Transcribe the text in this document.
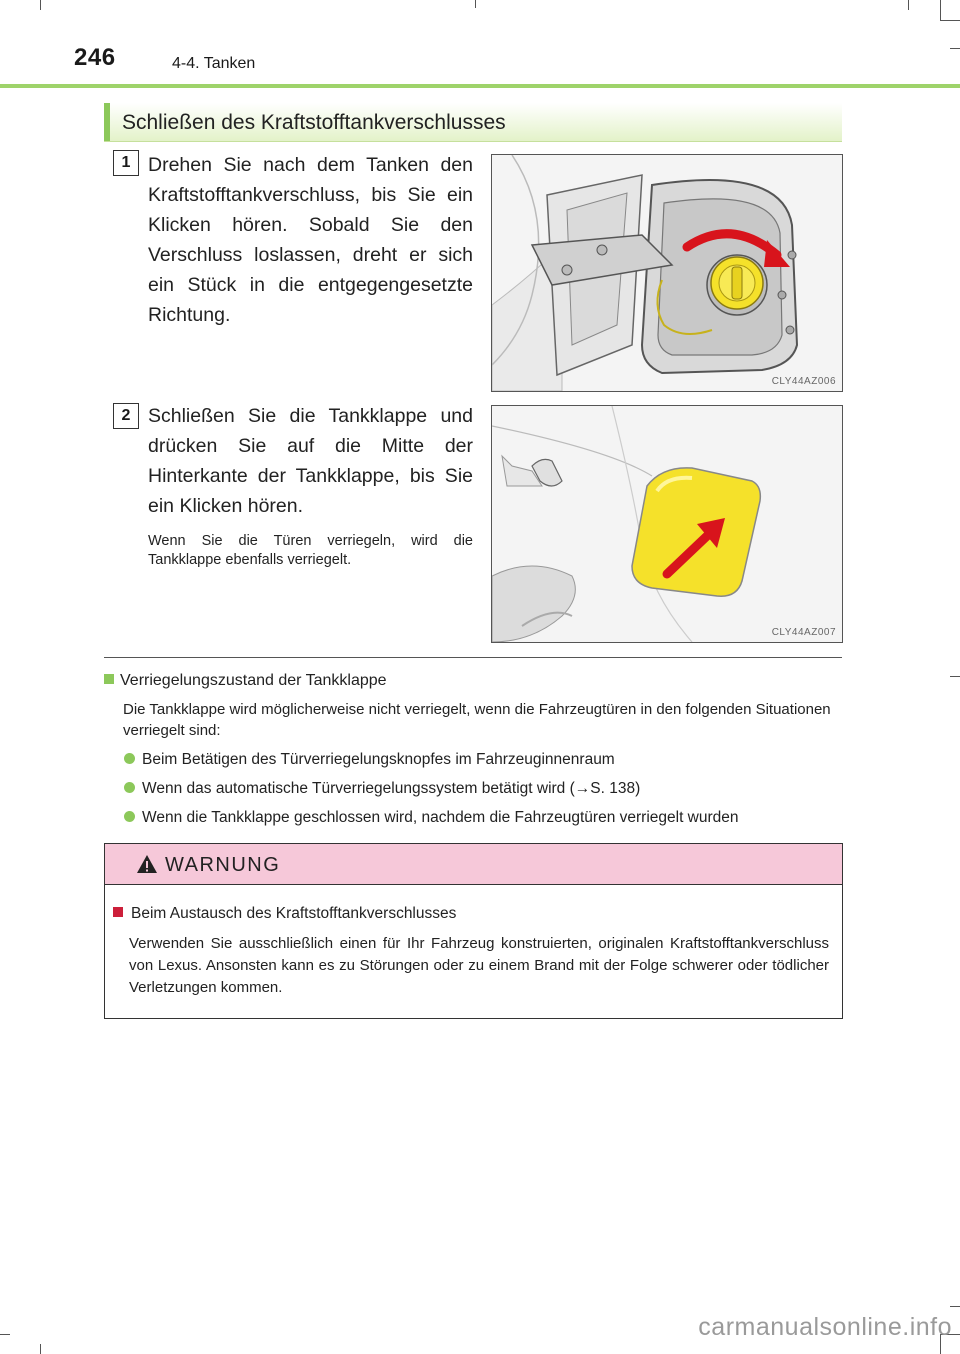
246	4-4. Tanken
Schließen des Kraftstofftankverschlusses
1 Drehen Sie nach dem Tanken den Kraftstofftankverschluss, bis Sie ein Klicken hören. Sobald Sie den Verschluss loslassen, dreht er sich ein Stück in die entgegengesetzte Richtung.
CLY44AZ006
2 Schließen Sie die Tankklappe und drücken Sie auf die Mitte der Hinterkante der Tankklappe, bis Sie ein Klicken hören.
Wenn Sie die Türen verriegeln, wird die Tankklappe ebenfalls verriegelt.
CLY44AZ007
Verriegelungszustand der Tankklappe
Die Tankklappe wird möglicherweise nicht verriegelt, wenn die Fahrzeugtüren in den folgenden Situationen verriegelt sind:
Beim Betätigen des Türverriegelungsknopfes im Fahrzeuginnenraum
Wenn das automatische Türverriegelungssystem betätigt wird (→S. 138)
Wenn die Tankklappe geschlossen wird, nachdem die Fahrzeugtüren verriegelt wurden
WARNUNG
Beim Austausch des Kraftstofftankverschlusses
Verwenden Sie ausschließlich einen für Ihr Fahrzeug konstruierten, originalen Kraftstofftankverschluss von Lexus. Ansonsten kann es zu Störungen oder zu einem Brand mit der Folge schwerer oder tödlicher Verletzungen kommen.
carmanualsonline.info
